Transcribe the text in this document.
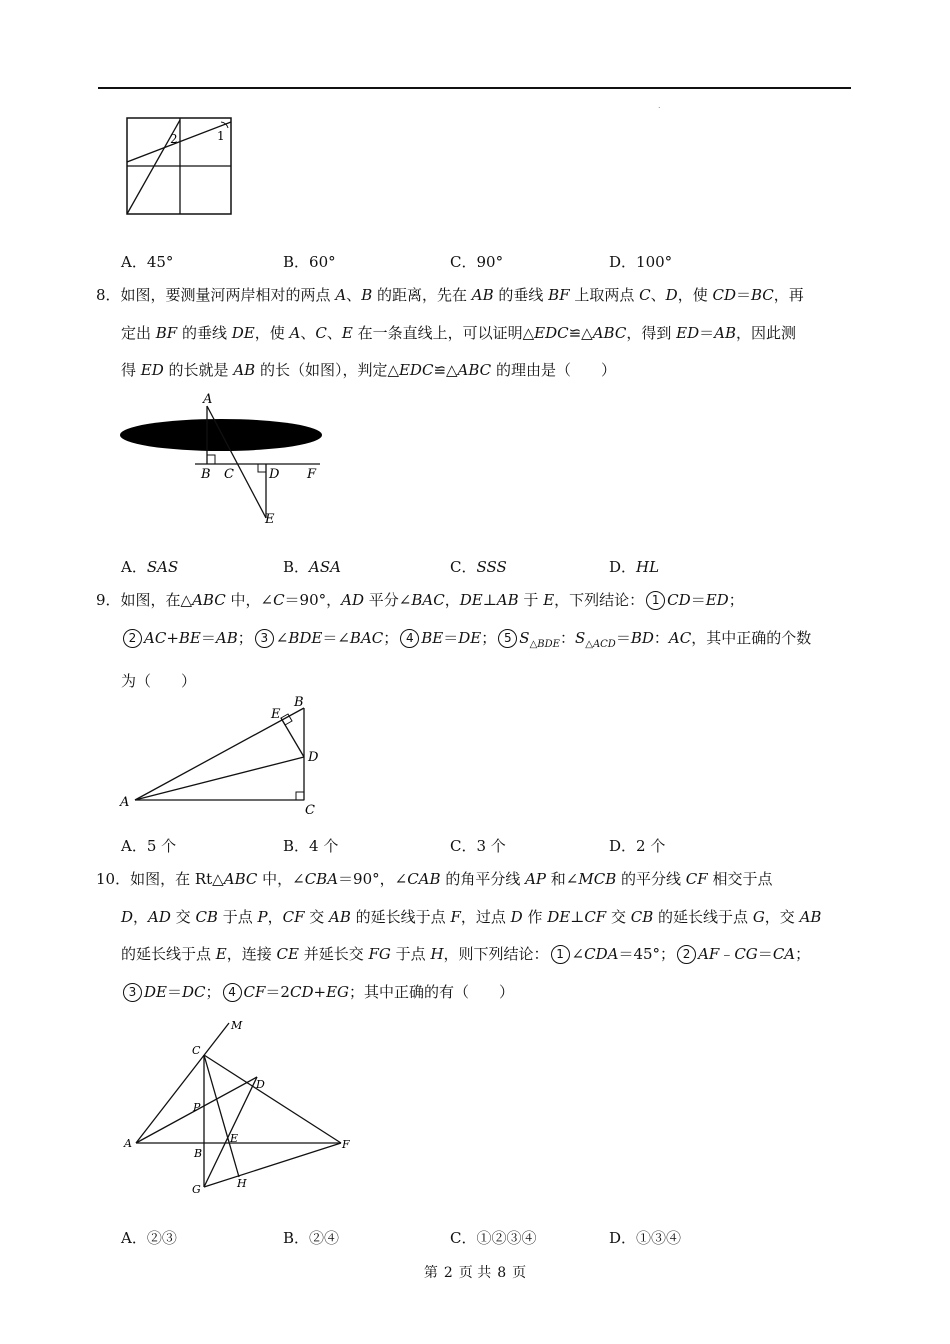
.
2	1
A．45°	B．60°	C．90°	D．100°

8．如图，要测量河两岸相对的两点 A、B 的距离，先在 AB 的垂线 BF 上取两点 C、D，使 CD＝BC，再

定出 BF 的垂线 DE，使 A、C、E 在一条直线上，可以证明△EDC≌△ABC，得到 ED＝AB，因此测

得 ED 的长就是 AB 的长（如图），判定△EDC≌△ABC 的理由是（　　）

A
B C	D F
E
A．SAS	B．ASA	C．SSS	D．HL

9．如图，在△ABC 中，∠C＝90°，AD 平分∠BAC，DE⊥AB 于 E，下列结论： 1 CD＝ED；

2 AC+BE＝AB； 3 ∠BDE＝∠BAC； 4 BE＝DE； 5 $S_{\triangle BDE}$：$S_{\triangle ACD}=BD$：AC，其中正确的个数

为（　　）

A
B
C
D
E
A．5 个	B．4 个	C．3 个	D．2 个

10．如图，在 Rt△ABC 中，∠CBA＝90°，∠CAB 的角平分线 AP 和∠MCB 的平分线 CF 相交于点

D，AD 交 CB 于点 P，CF 交 AB 的延长线于点 F，过点 D 作 DE⊥CF 交 CB 的延长线于点 G，交 AB

的延长线于点 E，连接 CE 并延长交 FG 于点 H，则下列结论： 1 ∠CDA＝45°； 2 AF﹣CG＝CA；

3 DE＝DC； 4 CF＝2CD+EG；其中正确的有（　　）

M
C
D
P
A	E	F
B
G	H
A．②③	B．②④	C．①②③④	D．①③④
第 2 页 共 8 页
